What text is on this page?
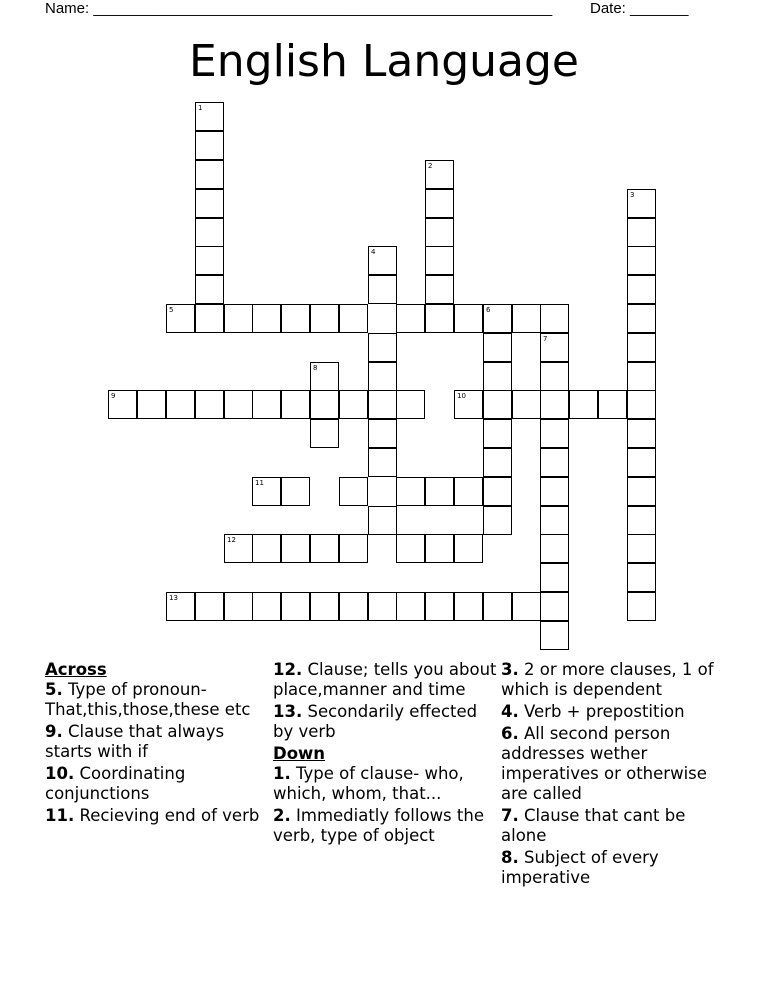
Name: _______________________________________________________	Date: _______
English Language
1
2
3
4
5	6
7
8
9	10
11
12
13
Across
5. Type of pronoun- That,this,those,these etc
9. Clause that always starts with if
10. Coordinating conjunctions
11. Recieving end of verb
12. Clause; tells you about place,manner and time
13. Secondarily effected by verb
Down
1. Type of clause- who, which, whom, that...
2. Immediatly follows the verb, type of object
3. 2 or more clauses, 1 of which is dependent
4. Verb + prepostition
6. All second person addresses wether imperatives or otherwise are called
7. Clause that cant be alone
8. Subject of every imperative
